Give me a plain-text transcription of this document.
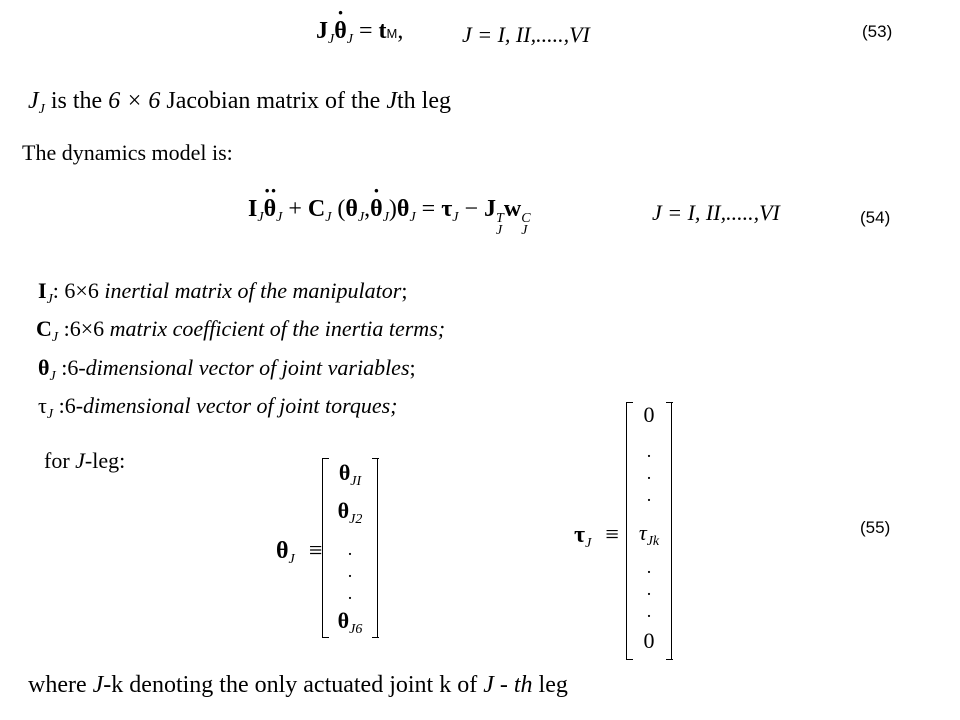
$J_J\cdot \theta_J$ = tM,	J = I, II,.....,VI	(53)
$J_J$ is the 6 × 6 Jacobian matrix of the Jth leg
The dynamics model is:
$I_J\cdot\cdot \theta_J + C_J$ $(\theta_J,\cdot \theta_J)\theta_J = \tau_J - J$ T
J
w C
J
J = I, II,.....,VI	(54)
$I_J$: 6×6 inertial matrix of the manipulator;
$C_J$ :6×6 matrix coefficient of the inertia terms;
$\theta_J$ :6-dimensional vector of joint variables;
$\tau_J$ :6-dimensional vector of joint torques;
for J-leg:
$\theta_J$ ≡
$\theta_{JI}$
$\theta_{J2}$
.
.
.
$\theta_{J6}$
$\tau_J$ ≡
0
.
.
.
$\tau_{Jk}$
.
.
.
0
(55)
where J-k denoting the only actuated joint k of J - th leg
